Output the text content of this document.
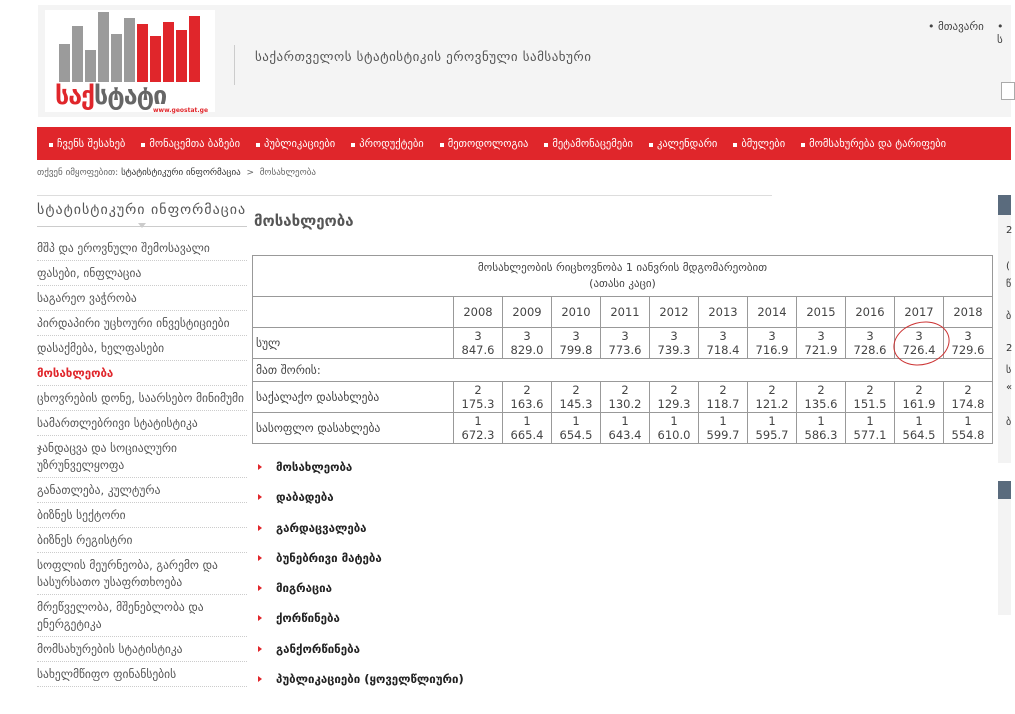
საქსტატი
www.geostat.ge
საქართველოს სტატისტიკის ეროვნული სამსახური
• მთავარი • ს
ჩვენს შესახებ	მონაცემთა ბაზები	პუბლიკაციები	პროდუქტები	მეთოდოლოგია	მეტამონაცემები	კალენდარი	ბმულები	მომსახურება და ტარიფები
თქვენ იმყოფებით: სტატისტიკური ინფორმაცია > მოსახლეობა
სტატისტიკური ინფორმაცია
მშპ და ეროვნული შემოსავალი
ფასები, ინფლაცია
საგარეო ვაჭრობა
პირდაპირი უცხოური ინვესტიციები
დასაქმება, ხელფასები
მოსახლეობა
ცხოვრების დონე, საარსებო მინიმუმი
სამართლებრივი სტატისტიკა
ჯანდაცვა და სოციალური უზრუნველყოფა
განათლება, კულტურა
ბიზნეს სექტორი
ბიზნეს რეგისტრი
სოფლის მეურნეობა, გარემო და სასურსათო უსაფრთხოება
მრეწველობა, მშენებლობა და ენერგეტიკა
მომსახურების სტატისტიკა
სახელმწიფო ფინანსების
მოსახლეობა
მოსახლეობის რიცხოვნობა 1 იანვრის მდგომარეობით
(ათასი კაცი)											
	2008	2009	2010	2011	2012	2013	2014	2015	2016	2017	2018
სულ	3 847.6	3 829.0	3 799.8	3 773.6	3 739.3	3 718.4	3 716.9	3 721.9	3 728.6	3 726.4	3 729.6
მათ შორის:											
საქალაქო დასახლება	2 175.3	2 163.6	2 145.3	2 130.2	2 129.3	2 118.7	2 121.2	2 135.6	2 151.5	2 161.9	2 174.8
სასოფლო დასახლება	1 672.3	1 665.4	1 654.5	1 643.4	1 610.0	1 599.7	1 595.7	1 586.3	1 577.1	1 564.5	1 554.8
მოსახლეობა
დაბადება
გარდაცვალება
ბუნებრივი მატება
მიგრაცია
ქორწინება
განქორწინება
პუბლიკაციები (ყოველწლიური)
2
(
წ
ბ
2
ს
«
ბ
